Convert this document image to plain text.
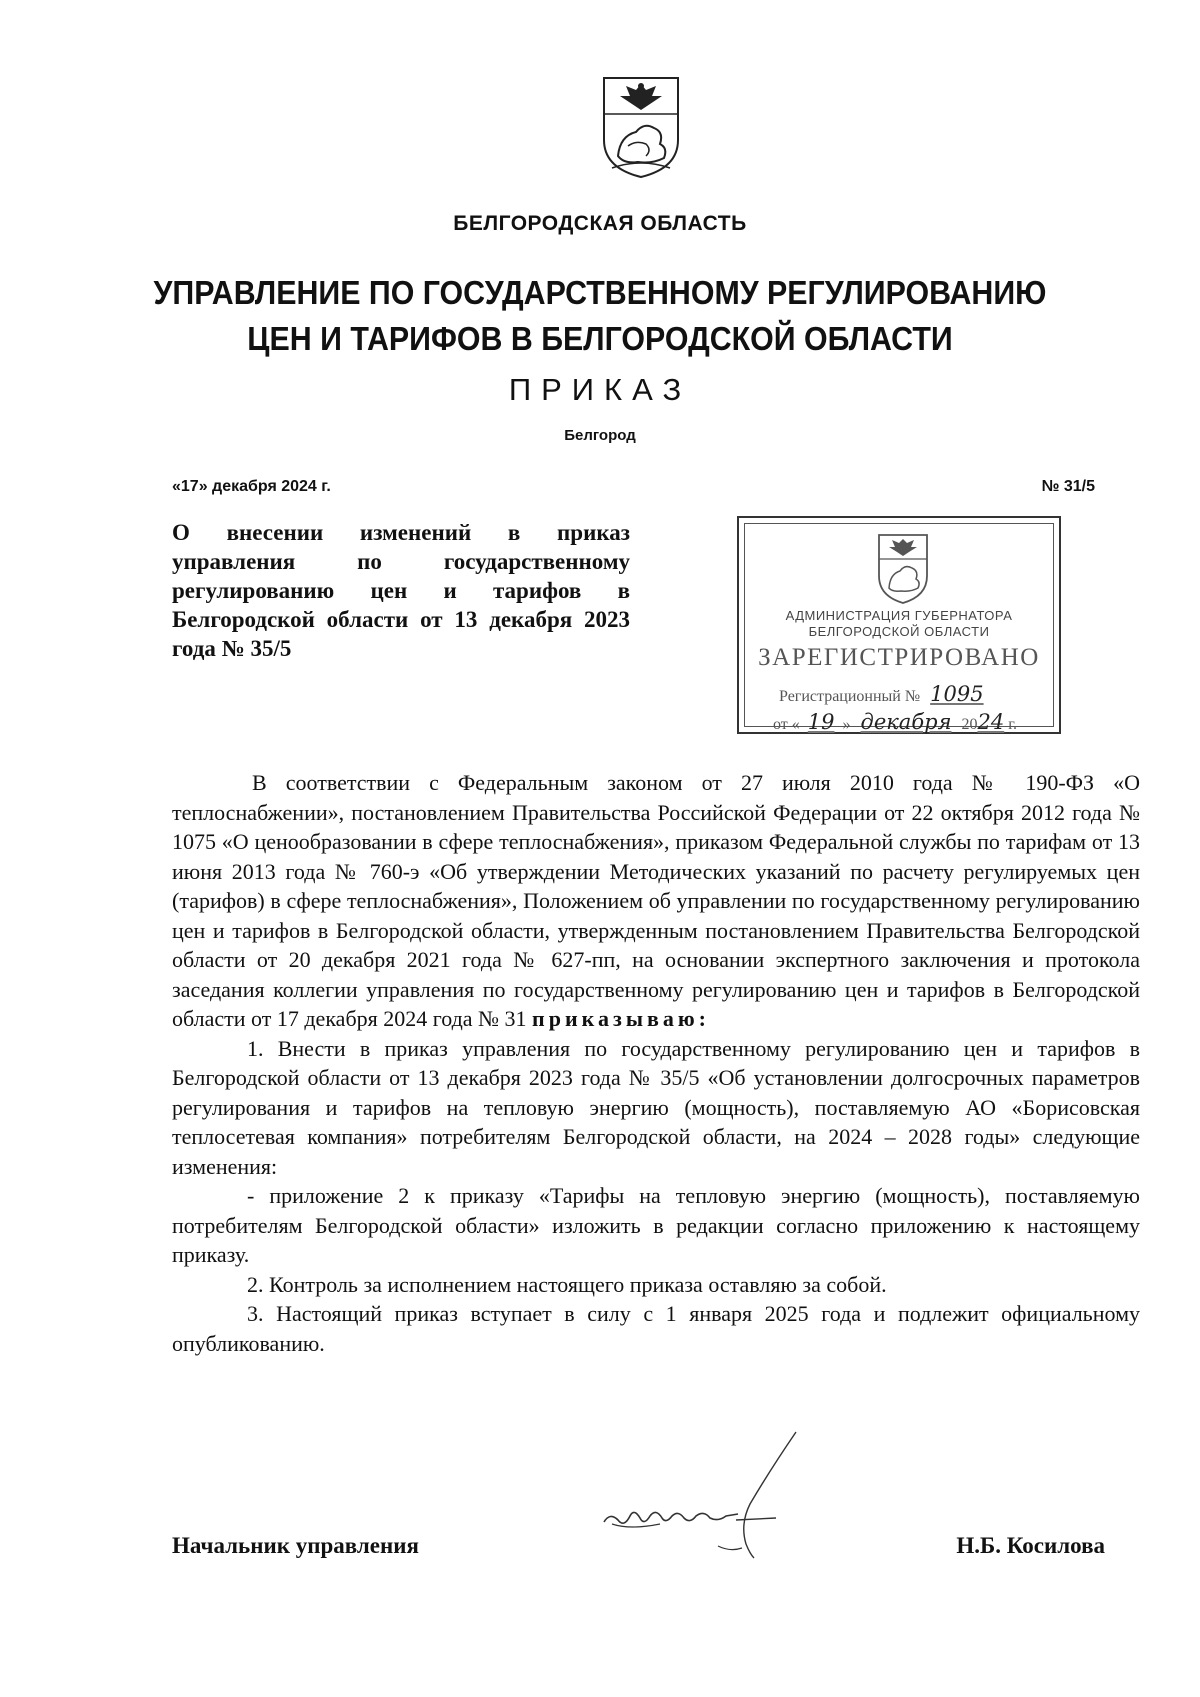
БЕЛГОРОДСКАЯ ОБЛАСТЬ
УПРАВЛЕНИЕ ПО ГОСУДАРСТВЕННОМУ РЕГУЛИРОВАНИЮ
ЦЕН И ТАРИФОВ В БЕЛГОРОДСКОЙ ОБЛАСТИ
ПРИКАЗ
Белгород
«17» декабря 2024 г.	№ 31/5
О внесении изменений в приказ управления по государственному регулированию цен и тарифов в Белгородской области от 13 декабря 2023 года № 35/5
АДМИНИСТРАЦИЯ ГУБЕРНАТОРА
БЕЛГОРОДСКОЙ ОБЛАСТИ
ЗАРЕГИСТРИРОВАНО
Регистрационный № 1095
от « 19 » декабря 2024 г.

В соответствии с Федеральным законом от 27 июля 2010 года № 190-ФЗ «О теплоснабжении», постановлением Правительства Российской Федерации от 22 октября 2012 года № 1075 «О ценообразовании в сфере теплоснабжения», приказом Федеральной службы по тарифам от 13 июня 2013 года № 760-э «Об утверждении Методических указаний по расчету регулируемых цен (тарифов) в сфере теплоснабжения», Положением об управлении по государственному регулированию цен и тарифов в Белгородской области, утвержденным постановлением Правительства Белгородской области от 20 декабря 2021 года № 627-пп, на основании экспертного заключения и протокола заседания коллегии управления по государственному регулированию цен и тарифов в Белгородской области от 17 декабря 2024 года № 31 приказываю:

1. Внести в приказ управления по государственному регулированию цен и тарифов в Белгородской области от 13 декабря 2023 года № 35/5 «Об установлении долгосрочных параметров регулирования и тарифов на тепловую энергию (мощность), поставляемую АО «Борисовская теплосетевая компания» потребителям Белгородской области, на 2024 – 2028 годы» следующие изменения:

- приложение 2 к приказу «Тарифы на тепловую энергию (мощность), поставляемую потребителям Белгородской области» изложить в редакции согласно приложению к настоящему приказу.

2. Контроль за исполнением настоящего приказа оставляю за собой.

3. Настоящий приказ вступает в силу с 1 января 2025 года и подлежит официальному опубликованию.

Начальник управления	Н.Б. Косилова
